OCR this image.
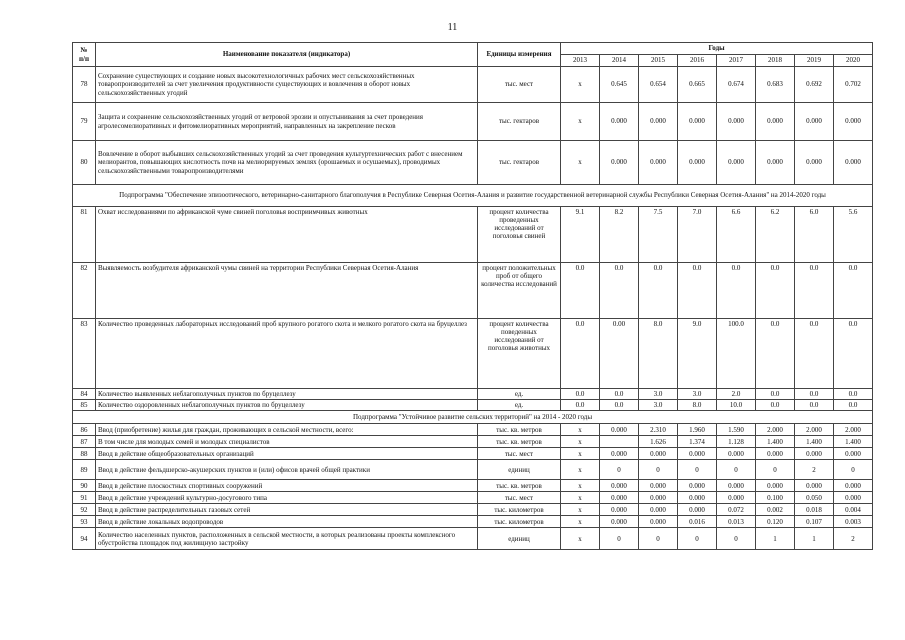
11
№
п/п	Наименование показателя (индикатора)	Единицы измерения	Годы							
			2013	2014	2015	2016	2017	2018	2019	2020
78	Сохранение существующих и создание новых высокотехнологичных рабочих мест сельскохозяйственных товаропроизводителей за счет увеличения продуктивности существующих и вовлечения в оборот новых сельскохозяйственных угодий	тыс. мест	x	0.645	0.654	0.665	0.674	0.683	0.692	0.702
79	Защита и сохранение сельскохозяйственных угодий от ветровой эрозии и опустынивания за счет проведения агролесомелиоративных и фитомелиоративных мероприятий, направленных на закрепление песков	тыс. гектаров	x	0.000	0.000	0.000	0.000	0.000	0.000	0.000
80	Вовлечение в оборот выбывших сельскохозяйственных угодий за счет проведения культуртехнических работ с внесением мелиорантов, повышающих кислотность почв на мелиорируемых землях (орошаемых и осушаемых), проводимых сельскохозяйственными товаропроизводителями	тыс. гектаров	x	0.000	0.000	0.000	0.000	0.000	0.000	0.000
Подпрограмма "Обеспечение эпизоотического, ветеринарно-санитарного благополучия в Республике Северная Осетия-Алания и развитие государственной ветеринарной службы Республики Северная Осетия-Алания" на 2014-2020 годы										
81	Охват исследованиями по африканской чуме свиней поголовья восприимчивых животных	процент количества проведенных исследований от поголовья свиней	9.1	8.2	7.5	7.0	6.6	6.2	6.0	5.6
82	Выявляемость возбудителя африканской чумы свиней на территории Республики Северная Осетия-Алания	процент положительных проб от общего количества исследований	0.0	0.0	0.0	0.0	0.0	0.0	0.0	0.0
83	Количество проведенных лабораторных исследований проб крупного рогатого скота и мелкого рогатого скота на бруцеллез	процент количества поведенных исследований от поголовья животных	0.0	0.00	8.0	9.0	100.0	0.0	0.0	0.0
84	Количество выявленных неблагополучных пунктов по бруцеллезу	ед.	0.0	0.0	3.0	3.0	2.0	0.0	0.0	0.0
85	Количество оздоровленных неблагополучных пунктов по бруцеллезу	ед.	0.0	0.0	3.0	8.0	10.0	0.0	0.0	0.0
Подпрограмма "Устойчивое развитие сельских территорий" на 2014 - 2020 годы										
86	Ввод (приобретение) жилья для граждан, проживающих в сельской местности, всего:	тыс. кв. метров	x	0.000	2.310	1.960	1.590	2.000	2.000	2.000
87	В том числе для молодых семей и молодых специалистов	тыс. кв. метров	x		1.626	1.374	1.128	1.400	1.400	1.400
88	Ввод в действие общеобразовательных организаций	тыс. мест	x	0.000	0.000	0.000	0.000	0.000	0.000	0.000
89	Ввод в действие фельдшерско-акушерских пунктов и (или) офисов врачей общей практики	единиц	x	0	0	0	0	0	2	0
90	Ввод в действие плоскостных спортивных сооружений	тыс. кв. метров	x	0.000	0.000	0.000	0.000	0.000	0.000	0.000
91	Ввод в действие учреждений культурно-досугового типа	тыс. мест	x	0.000	0.000	0.000	0.000	0.100	0.050	0.000
92	Ввод в действие распределительных газовых сетей	тыс. километров	x	0.000	0.000	0.000	0.072	0.002	0.018	0.004
93	Ввод в действие локальных водопроводов	тыс. километров	x	0.000	0.000	0.016	0.013	0.120	0.107	0.003
94	Количество населенных пунктов, расположенных в сельской местности, в которых реализованы проекты комплексного обустройства площадок под жилищную застройку	единиц	x	0	0	0	0	1	1	2
